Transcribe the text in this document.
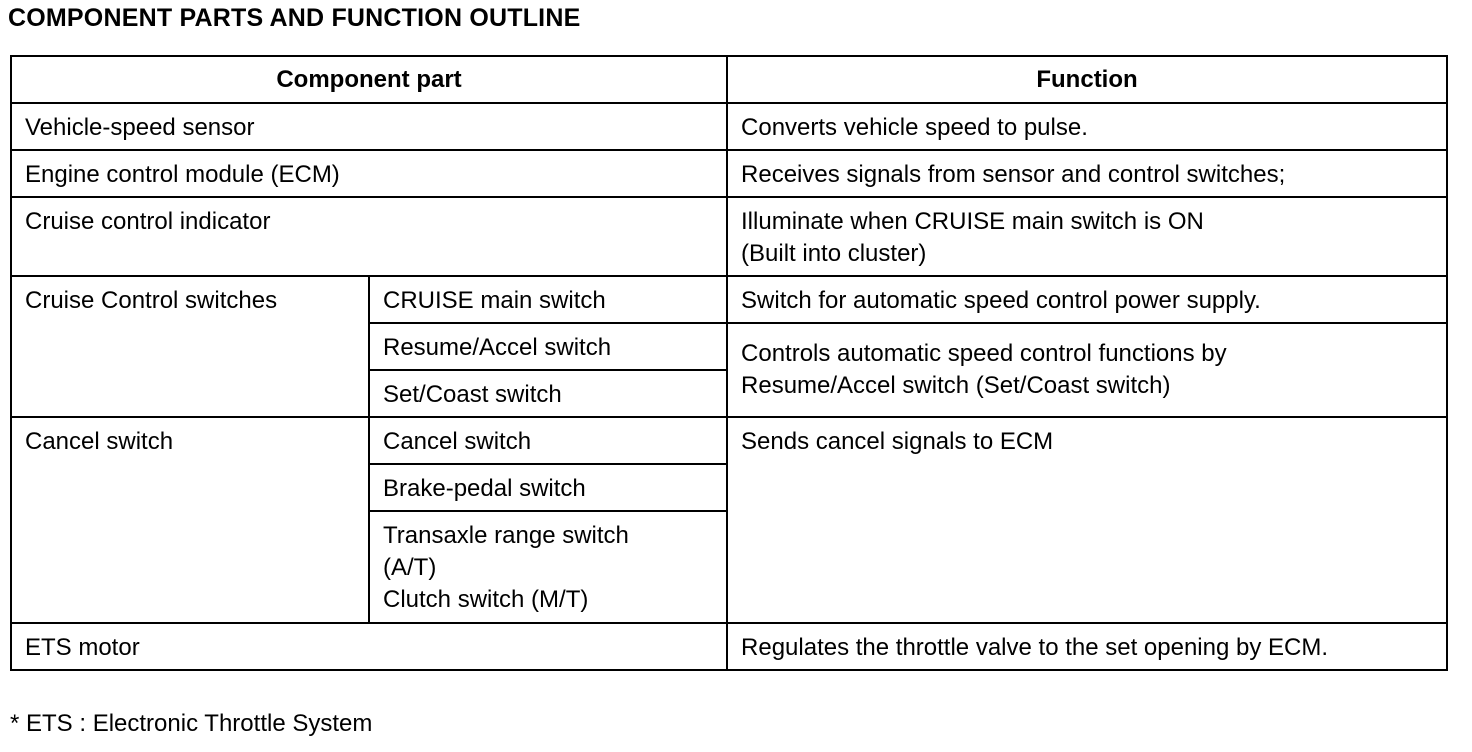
COMPONENT PARTS AND FUNCTION OUTLINE
Component part		Function

Vehicle-speed sensor		Converts vehicle speed to pulse.

Engine control module (ECM)		Receives signals from sensor and control switches;

Cruise control indicator		Illuminate when CRUISE main switch is ON
(Built into cluster)

Cruise Control switches	CRUISE main switch	Switch for automatic speed control power supply.

	Resume/Accel switch	Controls automatic speed control functions by
Resume/Accel switch (Set/Coast switch)

	Set/Coast switch	

Cancel switch	Cancel switch	Sends cancel signals to ECM

	Brake-pedal switch	

	Transaxle range switch
(A/T)
Clutch switch (M/T)	

ETS motor		Regulates the throttle valve to the set opening by ECM.
* ETS : Electronic Throttle System
